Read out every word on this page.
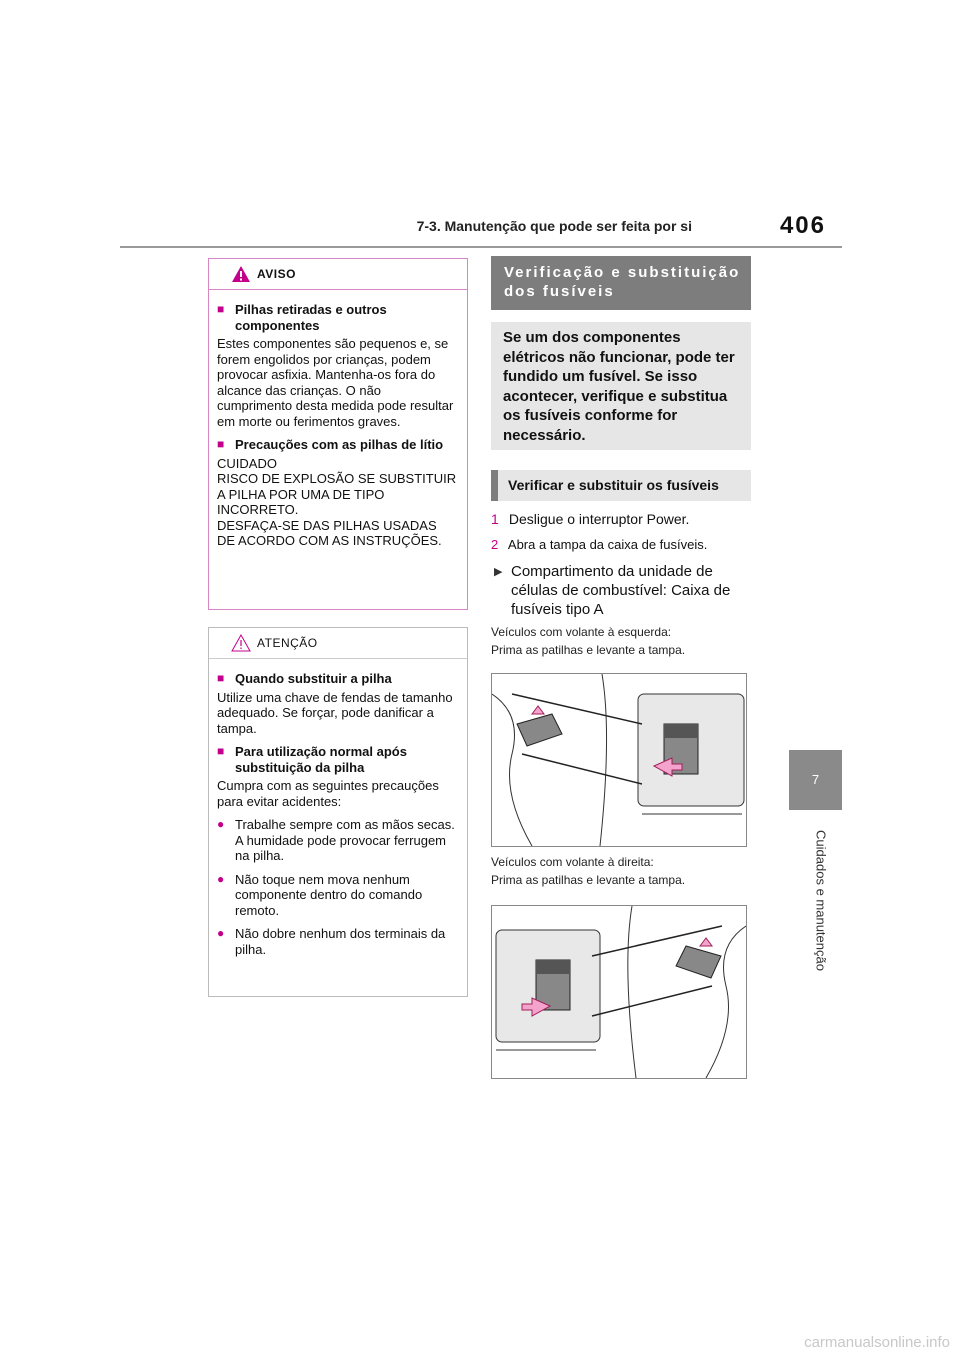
7-3. Manutenção que pode ser feita por si	406
7
Cuidados e manutenção
AVISO
■ Pilhas retiradas e outros componentes
Estes componentes são pequenos e, se forem engolidos por crianças, podem provocar asfixia. Mantenha-os fora do alcance das crianças. O não cumprimento desta medida pode resultar em morte ou ferimentos graves.
■ Precauções com as pilhas de lítio
CUIDADO
RISCO DE EXPLOSÃO SE SUBSTITUIR A PILHA POR UMA DE TIPO INCORRETO.
DESFAÇA-SE DAS PILHAS USADAS DE ACORDO COM AS INSTRUÇÕES.
ATENÇÃO
■ Quando substituir a pilha
Utilize uma chave de fendas de tamanho adequado. Se forçar, pode danificar a tampa.
■ Para utilização normal após substituição da pilha
Cumpra com as seguintes precauções para evitar acidentes:
● Trabalhe sempre com as mãos secas. A humidade pode provocar ferrugem na pilha.
● Não toque nem mova nenhum componente dentro do comando remoto.
● Não dobre nenhum dos terminais da pilha.
Verificação e substituição dos fusíveis
Se um dos componentes elétricos não funcionar, pode ter fundido um fusível. Se isso acontecer, verifique e substitua os fusíveis conforme for necessário.
Verificar e substituir os fusíveis
1 Desligue o interruptor Power.
2 Abra a tampa da caixa de fusíveis.
▶ Compartimento da unidade de células de combustível: Caixa de fusíveis tipo A
Veículos com volante à esquerda:
Prima as patilhas e levante a tampa.
Veículos com volante à direita:
Prima as patilhas e levante a tampa.
carmanualsonline.info
